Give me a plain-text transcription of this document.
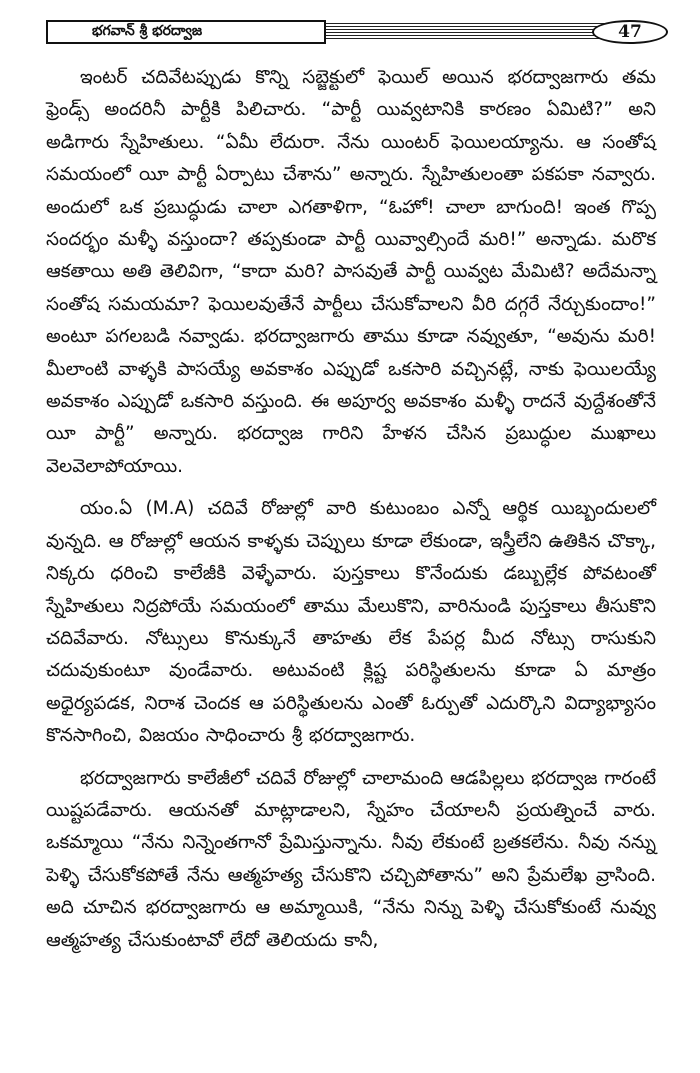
భగవాన్ శ్రీ భరద్వాజ	47

ఇంటర్ చదివేటప్పుడు కొన్ని సబ్జెక్టులో ఫెయిల్ అయిన భరద్వాజగారు తమ ఫ్రెండ్స్ అందరినీ పార్టీకి పిలిచారు. “పార్టీ యివ్వటానికి కారణం ఏమిటి?” అని అడిగారు స్నేహితులు. “ఏమీ లేదురా. నేను యింటర్ ఫెయిలయ్యాను. ఆ సంతోష సమయంలో యీ పార్టీ ఏర్పాటు చేశాను” అన్నారు. స్నేహితులంతా పకపకా నవ్వారు. అందులో ఒక ప్రబుద్ధుడు చాలా ఎగతాళిగా, “ఓహో! చాలా బాగుంది! ఇంత గొప్ప సందర్భం మళ్ళీ వస్తుందా? తప్పకుండా పార్టీ యివ్వాల్సిందే మరి!” అన్నాడు. మరొక ఆకతాయి అతి తెలివిగా, “కాదా మరి? పాసవుతే పార్టీ యివ్వట మేమిటి? అదేమన్నా సంతోష సమయమా? ఫెయిలవుతేనే పార్టీలు చేసుకోవాలని వీరి దగ్గరే నేర్చుకుందాం!” అంటూ పగలబడి నవ్వాడు. భరద్వాజగారు తాము కూడా నవ్వుతూ, “అవును మరి! మీలాంటి వాళ్ళకి పాసయ్యే అవకాశం ఎప్పుడో ఒకసారి వచ్చినట్లే, నాకు ఫెయిలయ్యే అవకాశం ఎప్పుడో ఒకసారి వస్తుంది. ఈ అపూర్వ అవకాశం మళ్ళీ రాదనే వుద్దేశంతోనే యీ పార్టీ” అన్నారు. భరద్వాజ గారిని హేళన చేసిన ప్రబుద్ధుల ముఖాలు వెలవెలాపోయాయి.

యం.ఏ (M.A) చదివే రోజుల్లో వారి కుటుంబం ఎన్నో ఆర్థిక యిబ్బందులలో వున్నది. ఆ రోజుల్లో ఆయన కాళ్ళకు చెప్పులు కూడా లేకుండా, ఇస్త్రీలేని ఉతికిన చొక్కా, నిక్కరు ధరించి కాలేజీకి వెళ్ళేవారు. పుస్తకాలు కొనేందుకు డబ్బుల్లేక పోవటంతో స్నేహితులు నిద్రపోయే సమయంలో తాము మేలుకొని, వారినుండి పుస్తకాలు తీసుకొని చదివేవారు. నోట్సులు కొనుక్కునే తాహతు లేక పేపర్ల మీద నోట్సు రాసుకుని చదువుకుంటూ వుండేవారు. అటువంటి క్లిష్ట పరిస్థితులను కూడా ఏ మాత్రం అధైర్యపడక, నిరాశ చెందక ఆ పరిస్థితులను ఎంతో ఓర్పుతో ఎదుర్కొని విద్యాభ్యాసం కొనసాగించి, విజయం సాధించారు శ్రీ భరద్వాజగారు.

భరద్వాజగారు కాలేజీలో చదివే రోజుల్లో చాలామంది ఆడపిల్లలు భరద్వాజ గారంటే యిష్టపడేవారు. ఆయనతో మాట్లాడాలని, స్నేహం చేయాలనీ ప్రయత్నించే వారు. ఒకమ్మాయి “నేను నిన్నెంతగానో ప్రేమిస్తున్నాను. నీవు లేకుంటే బ్రతకలేను. నీవు నన్ను పెళ్ళి చేసుకోకపోతే నేను ఆత్మహత్య చేసుకొని చచ్చిపోతాను” అని ప్రేమలేఖ వ్రాసింది. అది చూచిన భరద్వాజగారు ఆ అమ్మాయికి, “నేను నిన్ను పెళ్ళి చేసుకోకుంటే నువ్వు ఆత్మహత్య చేసుకుంటావో లేదో తెలియదు కానీ,
